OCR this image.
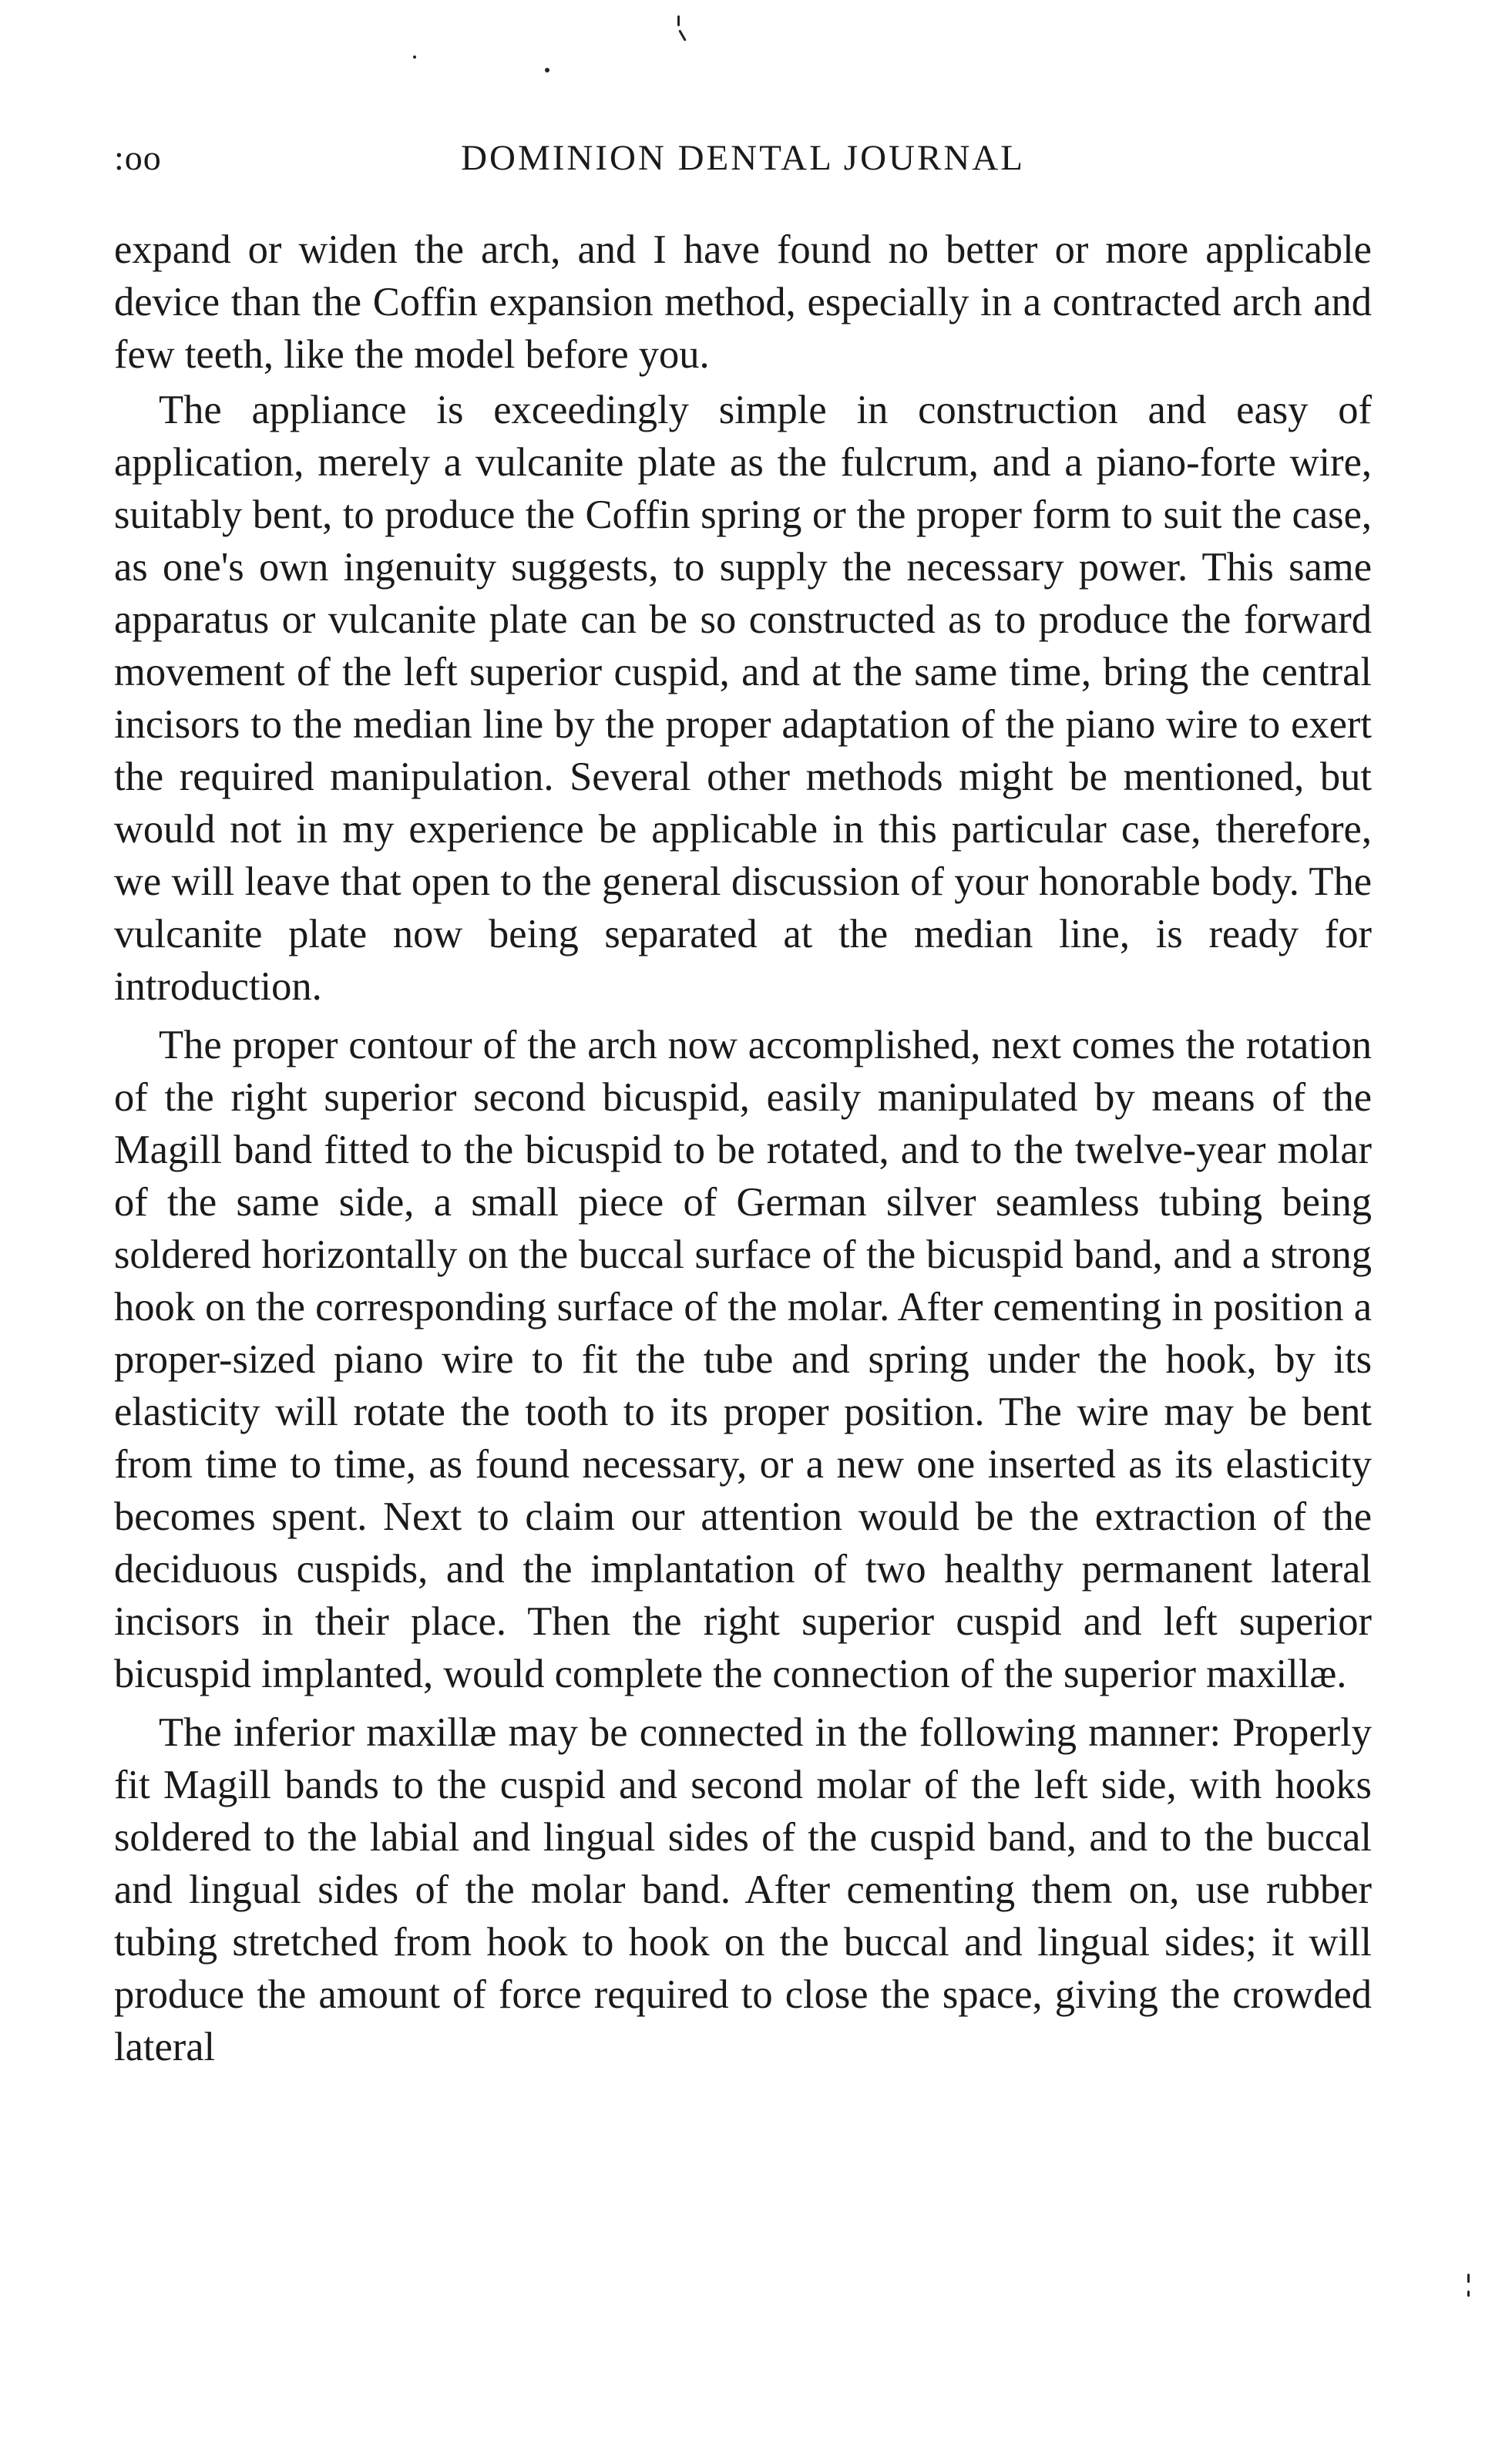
:oo	DOMINION DENTAL JOURNAL

expand or widen the arch, and I have found no better or more applicable device than the Coffin expansion method, especially in a contracted arch and few teeth, like the model before you.

The appliance is exceedingly simple in construction and easy of application, merely a vulcanite plate as the fulcrum, and a piano-forte wire, suitably bent, to produce the Coffin spring or the proper form to suit the case, as one's own ingenuity suggests, to supply the necessary power. This same apparatus or vulcanite plate can be so constructed as to produce the forward movement of the left superior cuspid, and at the same time, bring the central incisors to the median line by the proper adaptation of the piano wire to exert the required manipulation. Several other methods might be mentioned, but would not in my experience be applicable in this particular case, therefore, we will leave that open to the general discussion of your honorable body. The vulcanite plate now being separated at the median line, is ready for introduction.

The proper contour of the arch now accomplished, next comes the rotation of the right superior second bicuspid, easily manipulated by means of the Magill band fitted to the bicuspid to be rotated, and to the twelve-year molar of the same side, a small piece of German silver seamless tubing being soldered horizontally on the buccal surface of the bicuspid band, and a strong hook on the corresponding surface of the molar. After cementing in position a proper-sized piano wire to fit the tube and spring under the hook, by its elasticity will rotate the tooth to its proper position. The wire may be bent from time to time, as found necessary, or a new one inserted as its elasticity becomes spent. Next to claim our attention would be the extraction of the deciduous cuspids, and the implantation of two healthy permanent lateral incisors in their place. Then the right superior cuspid and left superior bicuspid implanted, would complete the connection of the superior maxillæ.

The inferior maxillæ may be connected in the following manner: Properly fit Magill bands to the cuspid and second molar of the left side, with hooks soldered to the labial and lingual sides of the cuspid band, and to the buccal and lingual sides of the molar band. After cementing them on, use rubber tubing stretched from hook to hook on the buccal and lingual sides; it will produce the amount of force required to close the space, giving the crowded lateral
